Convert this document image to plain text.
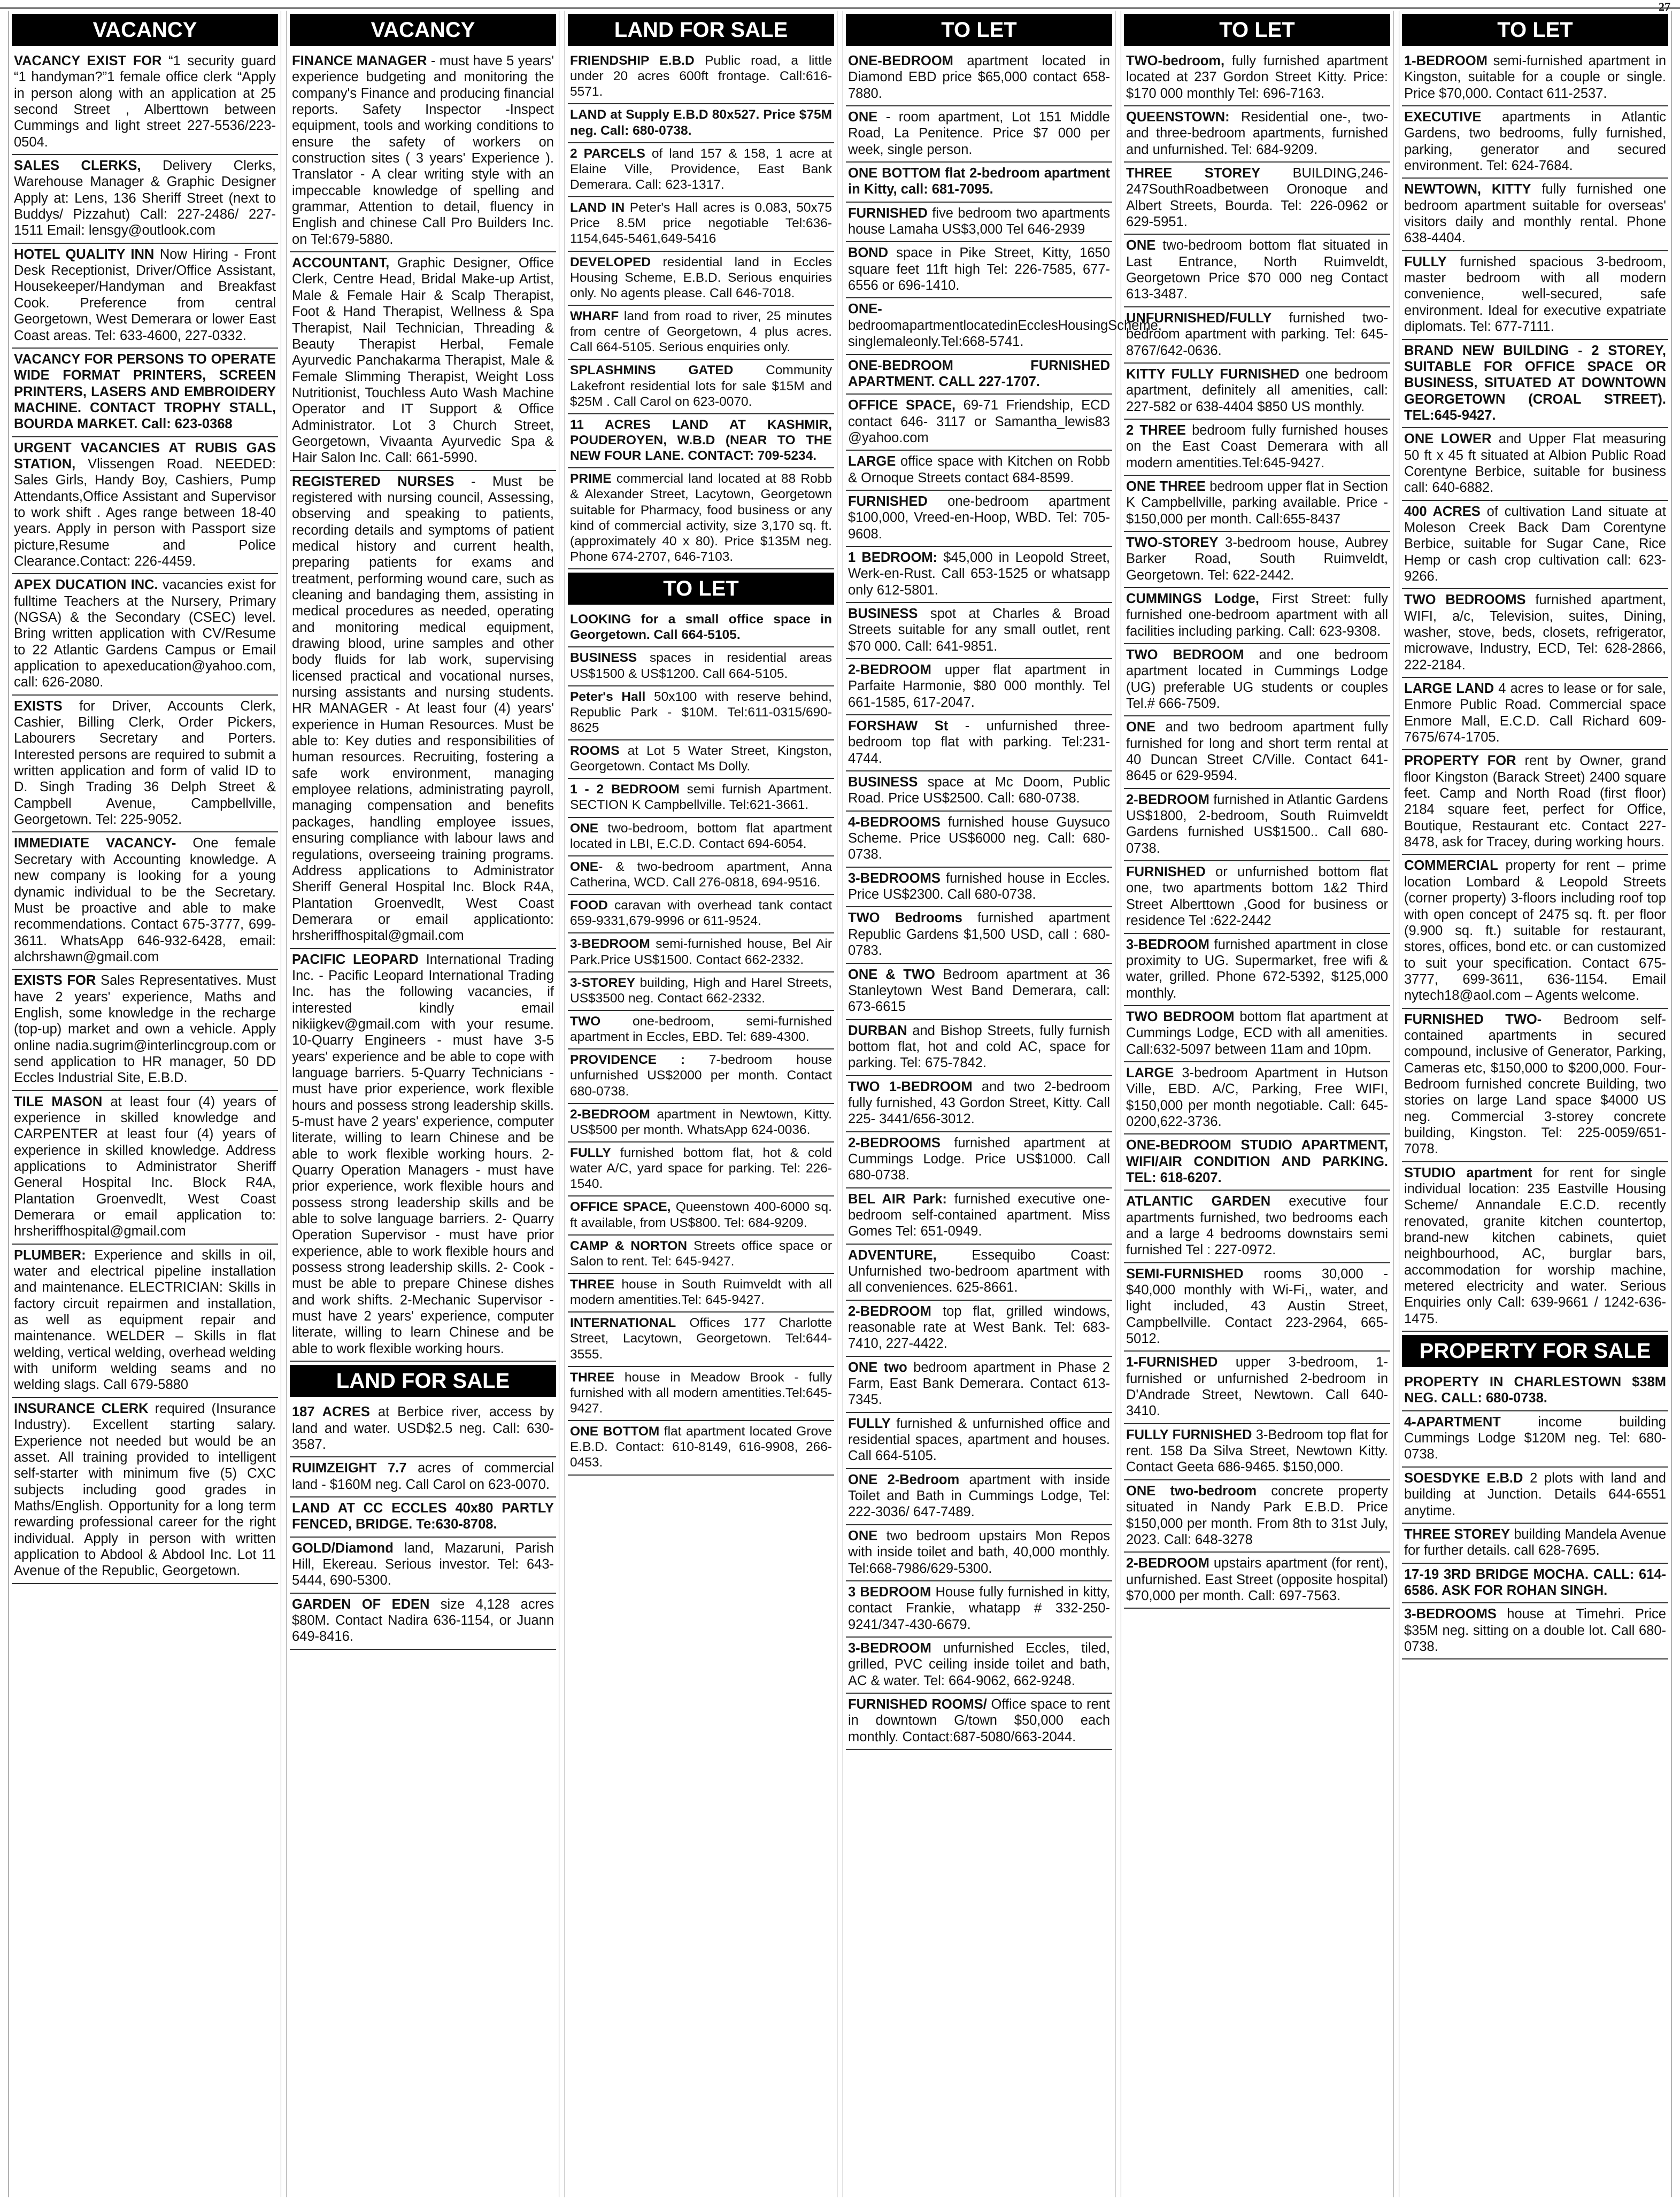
27
VACANCY
VACANCY EXIST FOR “1 security guard “1 handyman?”1 female office clerk “Apply in person along with an application at 25 second Street , Alberttown between Cummings and light street 227-5536/223-0504.
SALES CLERKS, Delivery Clerks, Warehouse Manager & Graphic Designer Apply at: Lens, 136 Sheriff Street (next to Buddys/ Pizzahut) Call: 227-2486/ 227-1511 Email: lensgy@outlook.com
HOTEL QUALITY INN Now Hiring - Front Desk Receptionist, Driver/Office Assistant, Housekeeper/Handyman and Breakfast Cook. Preference from central Georgetown, West Demerara or lower East Coast areas. Tel: 633-4600, 227-0332.
VACANCY FOR PERSONS TO OPERATE WIDE FORMAT PRINTERS, SCREEN PRINTERS, LASERS AND EMBROIDERY MACHINE. CONTACT TROPHY STALL, BOURDA MARKET. Call: 623-0368
URGENT VACANCIES AT RUBIS GAS STATION, Vlissengen Road. NEEDED: Sales Girls, Handy Boy, Cashiers, Pump Attendants,Office Assistant and Supervisor to work shift . Ages range between 18-40 years. Apply in person with Passport size picture,Resume and Police Clearance.Contact: 226-4459.
APEX DUCATION INC. vacancies exist for fulltime Teachers at the Nursery, Primary (NGSA) & the Secondary (CSEC) level. Bring written application with CV/Resume to 22 Atlantic Gardens Campus or Email application to apexeducation@yahoo.com, call: 626-2080.
EXISTS for Driver, Accounts Clerk, Cashier, Billing Clerk, Order Pickers, Labourers Secretary and Porters. Interested persons are required to submit a written application and form of valid ID to D. Singh Trading 36 Delph Street & Campbell Avenue, Campbellville, Georgetown. Tel: 225-9052.
IMMEDIATE VACANCY- One female Secretary with Accounting knowledge. A new company is looking for a young dynamic individual to be the Secretary. Must be proactive and able to make recommendations. Contact 675-3777, 699-3611. WhatsApp 646-932-6428, email: alchrshawn@gmail.com
EXISTS FOR Sales Representatives. Must have 2 years' experience, Maths and English, some knowledge in the recharge (top-up) market and own a vehicle. Apply online nadia.sugrim@interlincgroup.com or send application to HR manager, 50 DD Eccles Industrial Site, E.B.D.
TILE MASON at least four (4) years of experience in skilled knowledge and CARPENTER at least four (4) years of experience in skilled knowledge. Address applications to Administrator Sheriff General Hospital Inc. Block R4A, Plantation Groenvedlt, West Coast Demerara or email application to: hrsheriffhospital@gmail.com
PLUMBER: Experience and skills in oil, water and electrical pipeline installation and maintenance. ELECTRICIAN: Skills in factory circuit repairmen and installation, as well as equipment repair and maintenance. WELDER – Skills in flat welding, vertical welding, overhead welding with uniform welding seams and no welding slags. Call 679-5880
INSURANCE CLERK required (Insurance Industry). Excellent starting salary. Experience not needed but would be an asset. All training provided to intelligent self-starter with minimum five (5) CXC subjects including good grades in Maths/English. Opportunity for a long term rewarding professional career for the right individual. Apply in person with written application to Abdool & Abdool Inc. Lot 11 Avenue of the Republic, Georgetown.
VACANCY
FINANCE MANAGER - must have 5 years' experience budgeting and monitoring the company's Finance and producing financial reports. Safety Inspector -Inspect equipment, tools and working conditions to ensure the safety of workers on construction sites ( 3 years' Experience ). Translator - A clear writing style with an impeccable knowledge of spelling and grammar, Attention to detail, fluency in English and chinese Call Pro Builders Inc. on Tel:679-5880.
ACCOUNTANT, Graphic Designer, Office Clerk, Centre Head, Bridal Make-up Artist, Male & Female Hair & Scalp Therapist, Foot & Hand Therapist, Wellness & Spa Therapist, Nail Technician, Threading & Beauty Therapist Herbal, Female Ayurvedic Panchakarma Therapist, Male & Female Slimming Therapist, Weight Loss Nutritionist, Touchless Auto Wash Machine Operator and IT Support & Office Administrator. Lot 3 Church Street, Georgetown, Vivaanta Ayurvedic Spa & Hair Salon Inc. Call: 661-5990.
REGISTERED NURSES - Must be registered with nursing council, Assessing, observing and speaking to patients, recording details and symptoms of patient medical history and current health, preparing patients for exams and treatment, performing wound care, such as cleaning and bandaging them, assisting in medical procedures as needed, operating and monitoring medical equipment, drawing blood, urine samples and other body fluids for lab work, supervising licensed practical and vocational nurses, nursing assistants and nursing students. HR MANAGER - At least four (4) years' experience in Human Resources. Must be able to: Key duties and responsibilities of human resources. Recruiting, fostering a safe work environment, managing employee relations, administrating payroll, managing compensation and benefits packages, handling employee issues, ensuring compliance with labour laws and regulations, overseeing training programs. Address applications to Administrator Sheriff General Hospital Inc. Block R4A, Plantation Groenvedlt, West Coast Demerara or email applicationto: hrsheriffhospital@gmail.com
PACIFIC LEOPARD International Trading Inc. - Pacific Leopard International Trading Inc. has the following vacancies, if interested kindly email nikiigkev@gmail.com with your resume. 10-Quarry Engineers - must have 3-5 years' experience and be able to cope with language barriers. 5-Quarry Technicians - must have prior experience, work flexible hours and possess strong leadership skills. 5-must have 2 years' experience, computer literate, willing to learn Chinese and be able to work flexible working hours. 2- Quarry Operation Managers - must have prior experience, work flexible hours and possess strong leadership skills and be able to solve language barriers. 2- Quarry Operation Supervisor - must have prior experience, able to work flexible hours and possess strong leadership skills. 2- Cook - must be able to prepare Chinese dishes and work shifts. 2-Mechanic Supervisor - must have 2 years' experience, computer literate, willing to learn Chinese and be able to work flexible working hours.
LAND FOR SALE
187 ACRES at Berbice river, access by land and water. USD$2.5 neg. Call: 630-3587.
RUIMZEIGHT 7.7 acres of commercial land - $160M neg. Call Carol on 623-0070.
LAND AT CC ECCLES 40x80 PARTLY FENCED, BRIDGE. Te:630-8708.
GOLD/Diamond land, Mazaruni, Parish Hill, Ekereau. Serious investor. Tel: 643-5444, 690-5300.
GARDEN OF EDEN size 4,128 acres $80M. Contact Nadira 636-1154, or Juann 649-8416.
LAND FOR SALE
FRIENDSHIP E.B.D Public road, a little under 20 acres 600ft frontage. Call:616-5571.
LAND at Supply E.B.D 80x527. Price $75M neg. Call: 680-0738.
2 PARCELS of land 157 & 158, 1 acre at Elaine Ville, Providence, East Bank Demerara. Call: 623-1317.
LAND IN Peter's Hall acres is 0.083, 50x75 Price 8.5M price negotiable Tel:636-1154,645-5461,649-5416
DEVELOPED residential land in Eccles Housing Scheme, E.B.D. Serious enquiries only. No agents please. Call 646-7018.
WHARF land from road to river, 25 minutes from centre of Georgetown, 4 plus acres. Call 664-5105. Serious enquiries only.
SPLASHMINS GATED Community Lakefront residential lots for sale $15M and $25M . Call Carol on 623-0070.
11 ACRES LAND AT KASHMIR, POUDEROYEN, W.B.D (NEAR TO THE NEW FOUR LANE. CONTACT: 709-5234.
PRIME commercial land located at 88 Robb & Alexander Street, Lacytown, Georgetown suitable for Pharmacy, food business or any kind of commercial activity, size 3,170 sq. ft. (approximately 40 x 80). Price $135M neg. Phone 674-2707, 646-7103.
TO LET
LOOKING for a small office space in Georgetown. Call 664-5105.
BUSINESS spaces in residential areas US$1500 & US$1200. Call 664-5105.
Peter's Hall 50x100 with reserve behind, Republic Park - $10M. Tel:611-0315/690-8625
ROOMS at Lot 5 Water Street, Kingston, Georgetown. Contact Ms Dolly.
1 - 2 BEDROOM semi furnish Apartment. SECTION K Campbellville. Tel:621-3661.
ONE two-bedroom, bottom flat apartment located in LBI, E.C.D. Contact 694-6054.
ONE- & two-bedroom apartment, Anna Catherina, WCD. Call 276-0818, 694-9516.
FOOD caravan with overhead tank contact 659-9331,679-9996 or 611-9524.
3-BEDROOM semi-furnished house, Bel Air Park.Price US$1500. Contact 662-2332.
3-STOREY building, High and Harel Streets, US$3500 neg. Contact 662-2332.
TWO one-bedroom, semi-furnished apartment in Eccles, EBD. Tel: 689-4300.
PROVIDENCE : 7-bedroom house unfurnished US$2000 per month. Contact 680-0738.
2-BEDROOM apartment in Newtown, Kitty. US$500 per month. WhatsApp 624-0036.
FULLY furnished bottom flat, hot & cold water A/C, yard space for parking. Tel: 226-1540.
OFFICE SPACE, Queenstown 400-6000 sq. ft available, from US$800. Tel: 684-9209.
CAMP & NORTON Streets office space or Salon to rent. Tel: 645-9427.
THREE house in South Ruimveldt with all modern amentities.Tel: 645-9427.
INTERNATIONAL Offices 177 Charlotte Street, Lacytown, Georgetown. Tel:644-3555.
THREE house in Meadow Brook - fully furnished with all modern amentities.Tel:645-9427.
ONE BOTTOM flat apartment located Grove E.B.D. Contact: 610-8149, 616-9908, 266-0453.
TO LET
ONE-BEDROOM apartment located in Diamond EBD price $65,000 contact 658-7880.
ONE - room apartment, Lot 151 Middle Road, La Penitence. Price $7 000 per week, single person.
ONE BOTTOM flat 2-bedroom apartment in Kitty, call: 681-7095.
FURNISHED five bedroom two apartments house Lamaha US$3,000 Tel 646-2939
BOND space in Pike Street, Kitty, 1650 square feet 11ft high Tel: 226-7585, 677-6556 or 696-1410.
ONE- bedroomapartmentlocatedinEcclesHousingScheme, singlemaleonly.Tel:668-5741.
ONE-BEDROOM FURNISHED APARTMENT. CALL 227-1707.
OFFICE SPACE, 69-71 Friendship, ECD contact 646- 3117 or Samantha_lewis83 @yahoo.com
LARGE office space with Kitchen on Robb & Ornoque Streets contact 684-8599.
FURNISHED one-bedroom apartment $100,000, Vreed-en-Hoop, WBD. Tel: 705-9608.
1 BEDROOM: $45,000 in Leopold Street, Werk-en-Rust. Call 653-1525 or whatsapp only 612-5801.
BUSINESS spot at Charles & Broad Streets suitable for any small outlet, rent $70 000. Call: 641-9851.
2-BEDROOM upper flat apartment in Parfaite Harmonie, $80 000 monthly. Tel 661-1585, 617-2047.
FORSHAW St - unfurnished three-bedroom top flat with parking. Tel:231-4744.
BUSINESS space at Mc Doom, Public Road. Price US$2500. Call: 680-0738.
4-BEDROOMS furnished house Guysuco Scheme. Price US$6000 neg. Call: 680-0738.
3-BEDROOMS furnished house in Eccles. Price US$2300. Call 680-0738.
TWO Bedrooms furnished apartment Republic Gardens $1,500 USD, call : 680-0783.
ONE & TWO Bedroom apartment at 36 Stanleytown West Band Demerara, call: 673-6615
DURBAN and Bishop Streets, fully furnish bottom flat, hot and cold AC, space for parking. Tel: 675-7842.
TWO 1-BEDROOM and two 2-bedroom fully furnished, 43 Gordon Street, Kitty. Call 225- 3441/656-3012.
2-BEDROOMS furnished apartment at Cummings Lodge. Price US$1000. Call 680-0738.
BEL AIR Park: furnished executive one-bedroom self-contained apartment. Miss Gomes Tel: 651-0949.
ADVENTURE,	Essequibo Coast: Unfurnished two-bedroom apartment with all conveniences. 625-8661.
2-BEDROOM top flat, grilled windows, reasonable rate at West Bank. Tel: 683-7410, 227-4422.
ONE two bedroom apartment in Phase 2 Farm, East Bank Demerara. Contact 613-7345.
FULLY furnished & unfurnished office and residential spaces, apartment and houses. Call 664-5105.
ONE 2-Bedroom apartment with inside Toilet and Bath in Cummings Lodge, Tel: 222-3036/ 647-7489.
ONE two bedroom upstairs Mon Repos with inside toilet and bath, 40,000 monthly. Tel:668-7986/629-5300.
3 BEDROOM House fully furnished in kitty, contact Frankie, whatapp # 332-250-9241/347-430-6679.
3-BEDROOM unfurnished Eccles, tiled, grilled, PVC ceiling inside toilet and bath, AC & water. Tel: 664-9062, 662-9248.
FURNISHED ROOMS/ Office space to rent in downtown G/town $50,000 each monthly. Contact:687-5080/663-2044.
TO LET
TWO-bedroom, fully furnished apartment located at 237 Gordon Street Kitty. Price: $170 000 monthly Tel: 696-7163.
QUEENSTOWN: Residential one-, two- and three-bedroom apartments, furnished and unfurnished. Tel: 684-9209.
THREE STOREY BUILDING,246-247SouthRoadbetween Oronoque and Albert Streets, Bourda. Tel: 226-0962 or 629-5951.
ONE two-bedroom bottom flat situated in Last Entrance, North Ruimveldt, Georgetown Price $70 000 neg Contact 613-3487.
UNFURNISHED/FULLY furnished two-bedroom apartment with parking. Tel: 645-8767/642-0636.
KITTY FULLY FURNISHED one bedroom apartment, definitely all amenities, call: 227-582 or 638-4404 $850 US monthly.
2 THREE bedroom fully furnished houses on the East Coast Demerara with all modern amentities.Tel:645-9427.
ONE THREE bedroom upper flat in Section K Campbellville, parking available. Price - $150,000 per month. Call:655-8437
TWO-STOREY 3-bedroom house, Aubrey Barker Road, South Ruimveldt, Georgetown. Tel: 622-2442.
CUMMINGS Lodge, First Street: fully furnished one-bedroom apartment with all facilities including parking. Call: 623-9308.
TWO BEDROOM and one bedroom apartment located in Cummings Lodge (UG) preferable UG students or couples Tel.# 666-7509.
ONE and two bedroom apartment fully furnished for long and short term rental at 40 Duncan Street C/Ville. Contact 641-8645 or 629-9594.
2-BEDROOM furnished in Atlantic Gardens US$1800, 2-bedroom, South Ruimveldt Gardens furnished US$1500.. Call 680-0738.
FURNISHED or unfurnished bottom flat one, two apartments bottom 1&2 Third Street Alberttown ,Good for business or residence Tel :622-2442
3-BEDROOM furnished apartment in close proximity to UG. Supermarket, free wifi & water, grilled. Phone 672-5392, $125,000 monthly.
TWO BEDROOM bottom flat apartment at Cummings Lodge, ECD with all amenities. Call:632-5097 between 11am and 10pm.
LARGE 3-bedroom Apartment in Hutson Ville, EBD. A/C, Parking, Free WIFI, $150,000 per month negotiable. Call: 645-0200,622-3736.
ONE-BEDROOM STUDIO APARTMENT, WIFI/AIR CONDITION AND PARKING. TEL: 618-6207.
ATLANTIC GARDEN executive four apartments furnished, two bedrooms each and a large 4 bedrooms downstairs semi furnished Tel : 227-0972.
SEMI-FURNISHED rooms 30,000 - $40,000 monthly with Wi-Fi,, water, and light included, 43 Austin Street, Campbellville. Contact 223-2964, 665-5012.
1-FURNISHED upper 3-bedroom, 1-furnished or unfurnished 2-bedroom in D'Andrade Street, Newtown. Call 640-3410.
FULLY FURNISHED 3-Bedroom top flat for rent. 158 Da Silva Street, Newtown Kitty. Contact Geeta 686-9465. $150,000.
ONE two-bedroom concrete property situated in Nandy Park E.B.D. Price $150,000 per month. From 8th to 31st July, 2023. Call: 648-3278
2-BEDROOM upstairs apartment (for rent), unfurnished. East Street (opposite hospital) $70,000 per month. Call: 697-7563.
TO LET
1-BEDROOM semi-furnished apartment in Kingston, suitable for a couple or single. Price $70,000. Contact 611-2537.
EXECUTIVE apartments in Atlantic Gardens, two bedrooms, fully furnished, parking, generator and secured environment. Tel: 624-7684.
NEWTOWN, KITTY fully furnished one bedroom apartment suitable for overseas' visitors daily and monthly rental. Phone 638-4404.
FULLY furnished spacious 3-bedroom, master bedroom with all modern convenience, well-secured, safe environment. Ideal for executive expatriate diplomats. Tel: 677-7111.
BRAND NEW BUILDING - 2 STOREY, SUITABLE FOR OFFICE SPACE OR BUSINESS, SITUATED AT DOWNTOWN GEORGETOWN (CROAL STREET). TEL:645-9427.
ONE LOWER and Upper Flat measuring 50 ft x 45 ft situated at Albion Public Road Corentyne Berbice, suitable for business call: 640-6882.
400 ACRES of cultivation Land situate at Moleson Creek Back Dam Corentyne Berbice, suitable for Sugar Cane, Rice Hemp or cash crop cultivation call: 623-9266.
TWO BEDROOMS furnished apartment, WIFI, a/c, Television, suites, Dining, washer, stove, beds, closets, refrigerator, microwave, Industry, ECD, Tel: 628-2866, 222-2184.
LARGE LAND 4 acres to lease or for sale, Enmore Public Road. Commercial space Enmore Mall, E.C.D. Call Richard 609-7675/674-1705.
PROPERTY FOR rent by Owner, grand floor Kingston (Barack Street) 2400 square feet. Camp and North Road (first floor) 2184 square feet, perfect for Office, Boutique, Restaurant etc. Contact 227-8478, ask for Tracey, during working hours.
COMMERCIAL property for rent – prime location Lombard & Leopold Streets (corner property) 3-floors including roof top with open concept of 2475 sq. ft. per floor (9.900 sq. ft.) suitable for restaurant, stores, offices, bond etc. or can customized to suit your specification. Contact 675-3777, 699-3611, 636-1154. Email nytech18@aol.com – Agents welcome.
FURNISHED TWO- Bedroom self-contained apartments in secured compound, inclusive of Generator, Parking, Cameras etc, $150,000 to $200,000. Four-Bedroom furnished concrete Building, two stories on large Land space $4000 US neg. Commercial 3-storey concrete building, Kingston. Tel: 225-0059/651-7078.
STUDIO apartment for rent for single individual location: 235 Eastville Housing Scheme/ Annandale E.C.D. recently renovated, granite kitchen countertop, brand-new kitchen cabinets, quiet neighbourhood, AC, burglar bars, accommodation for worship machine, metered electricity and water. Serious Enquiries only Call: 639-9661 / 1242-636-1475.
PROPERTY FOR SALE
PROPERTY IN CHARLESTOWN $38M NEG. CALL: 680-0738.
4-APARTMENT	income building Cummings Lodge $120M neg. Tel: 680-0738.
SOESDYKE E.B.D 2 plots with land and building at Junction. Details 644-6551 anytime.
THREE STOREY building Mandela Avenue for further details. call 628-7695.
17-19 3RD BRIDGE MOCHA. CALL: 614-6586. ASK FOR ROHAN SINGH.
3-BEDROOMS house at Timehri. Price $35M neg. sitting on a double lot. Call 680-0738.
